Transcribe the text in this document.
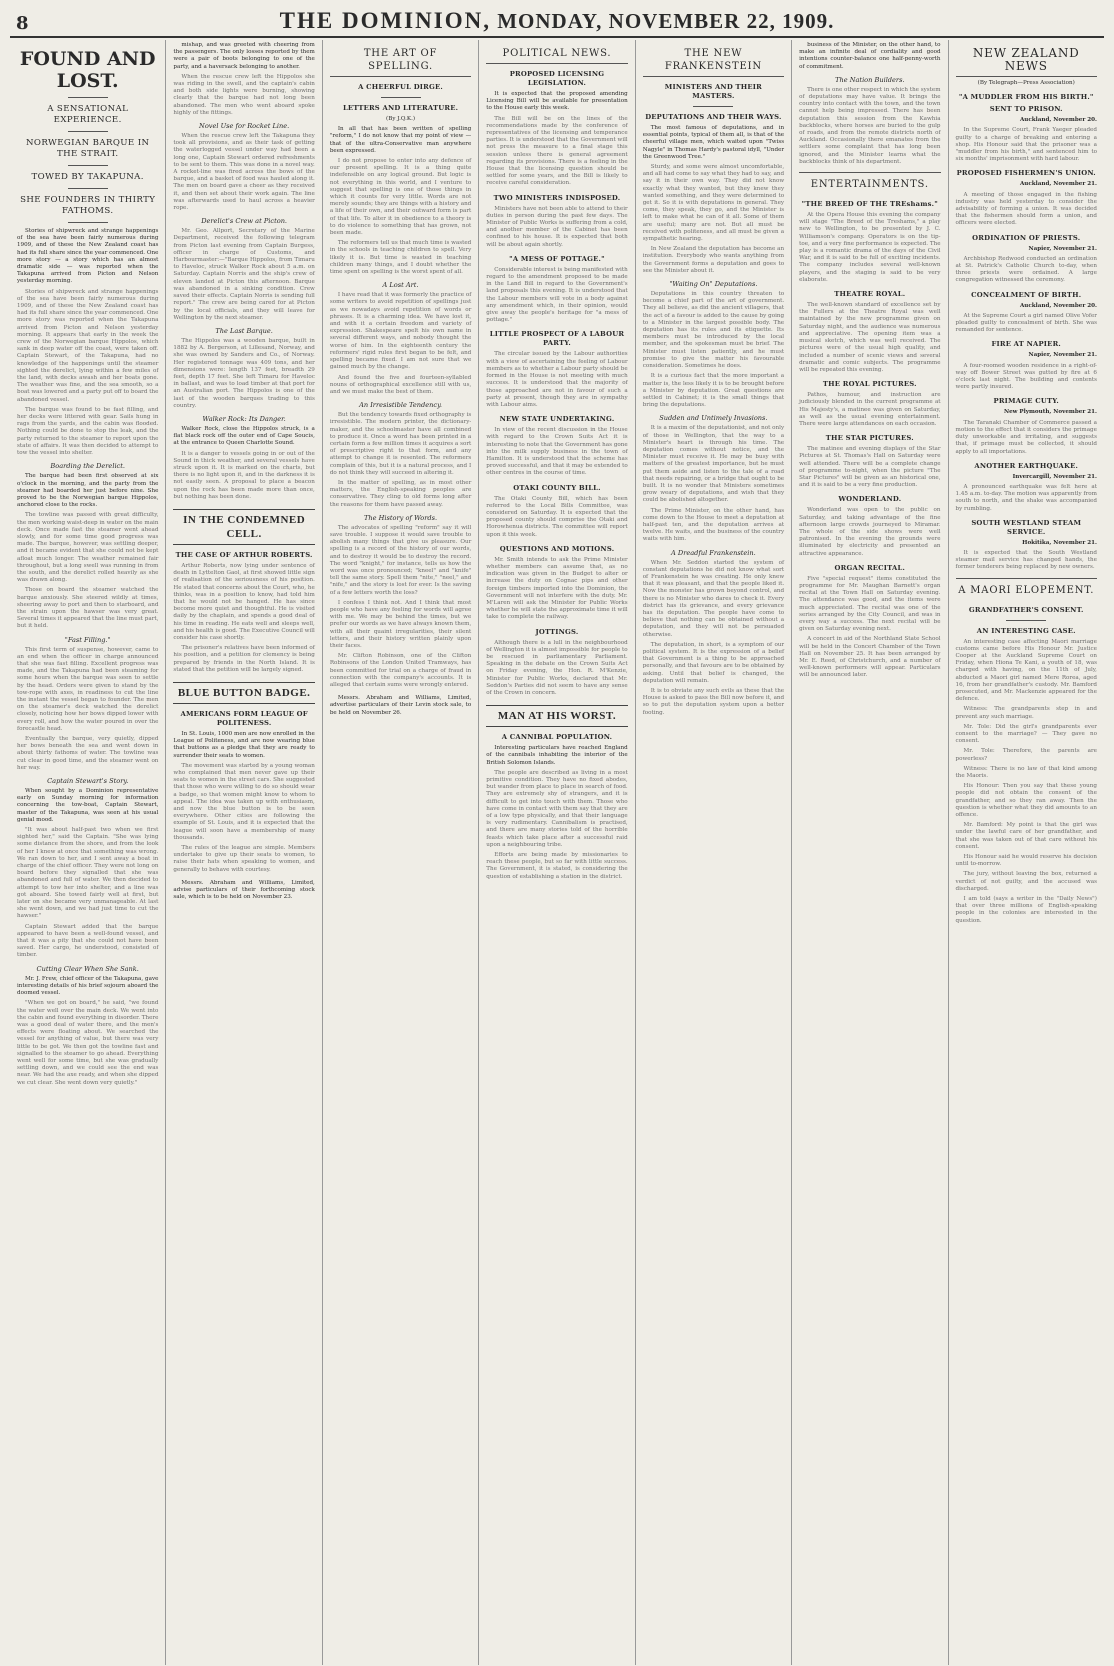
8	THE DOMINION, MONDAY, NOVEMBER 22, 1909.
FOUND AND LOST.
A SENSATIONAL EXPERIENCE.
NORWEGIAN BARQUE IN THE STRAIT.
TOWED BY TAKAPUNA.
SHE FOUNDERS IN THIRTY FATHOMS.

Stories of shipwreck and strange happenings of the sea have been fairly numerous during 1909, and of these the New Zealand coast has had its full share since the year commenced. One more story — a story which has an almost dramatic side — was reported when the Takapuna arrived from Picton and Nelson yesterday morning.

Stories of shipwreck and strange happenings of the sea have been fairly numerous during 1909, and of these the New Zealand coast has had its full share since the year commenced. One more story was reported when the Takapuna arrived from Picton and Nelson yesterday morning. It appears that early in the week the crew of the Norwegian barque Hippolos, which sank in deep water off the coast, were taken off. Captain Stewart, of the Takapuna, had no knowledge of the happenings until the steamer sighted the derelict, lying within a few miles of the land, with decks awash and her boats gone. The weather was fine, and the sea smooth, so a boat was lowered and a party put off to board the abandoned vessel.

The barque was found to be fast filling, and her decks were littered with gear. Sails hung in rags from the yards, and the cabin was flooded. Nothing could be done to stop the leak, and the party returned to the steamer to report upon the state of affairs. It was then decided to attempt to tow the vessel into shelter.

Boarding the Derelict.

The barque had been first observed at six o'clock in the morning, and the party from the steamer had boarded her just before nine. She proved to be the Norwegian barque Hippolos, anchored close to the rocks.

The towline was passed with great difficulty, the men working waist-deep in water on the main deck. Once made fast the steamer went ahead slowly, and for some time good progress was made. The barque, however, was settling deeper, and it became evident that she could not be kept afloat much longer. The weather remained fair throughout, but a long swell was running in from the south, and the derelict rolled heavily as she was drawn along.

Those on board the steamer watched the barque anxiously. She steered wildly at times, sheering away to port and then to starboard, and the strain upon the hawser was very great. Several times it appeared that the line must part, but it held.

"Fast Filling."

This first term of suspense, however, came to an end when the officer in charge announced that she was fast filling. Excellent progress was made, and the Takapuna had been steaming for some hours when the barque was seen to settle by the head. Orders were given to stand by the tow-rope with axes, in readiness to cut the line the instant the vessel began to founder. The men on the steamer's deck watched the derelict closely, noticing how her bows dipped lower with every roll, and how the water poured in over the forecastle head.

Eventually the barque, very quietly, dipped her bows beneath the sea and went down in about thirty fathoms of water. The towline was cut clear in good time, and the steamer went on her way.

Captain Stewart's Story.

When sought by a Dominion representative early on Sunday morning for information concerning the tow-boat, Captain Stewart, master of the Takapuna, was seen at his usual genial mood.

"It was about half-past two when we first sighted her," said the Captain. "She was lying some distance from the shore, and from the look of her I knew at once that something was wrong. We ran down to her, and I sent away a boat in charge of the chief officer. They were not long on board before they signalled that she was abandoned and full of water. We then decided to attempt to tow her into shelter, and a line was got aboard. She towed fairly well at first, but later on she became very unmanageable. At last she went down, and we had just time to cut the hawser."

Captain Stewart added that the barque appeared to have been a well-found vessel, and that it was a pity that she could not have been saved. Her cargo, he understood, consisted of timber.

Cutting Clear When She Sank.

Mr. J. Frew, chief officer of the Takapuna, gave interesting details of his brief sojourn aboard the doomed vessel.

"When we got on board," he said, "we found the water well over the main deck. We went into the cabin and found everything in disorder. There was a good deal of water there, and the men's effects were floating about. We searched the vessel for anything of value, but there was very little to be got. We then got the towline fast and signalled to the steamer to go ahead. Everything went well for some time, but she was gradually settling down, and we could see the end was near. We had the axe ready, and when she dipped we cut clear. She went down very quietly."

mishap, and was greeted with cheering from the passengers. The only losses reported by them were a pair of boots belonging to one of the party, and a haversack belonging to another.

When the rescue crew left the Hippolos she was riding in the swell, and the captain's cabin and both side lights were burning, showing clearly that the barque had not long been abandoned. The men who went aboard spoke highly of the fittings.

Novel Use for Rocket Line.

When the rescue crew left the Takapuna they took all provisions, and as their task of getting the waterlogged vessel under way had been a long one, Captain Stewart ordered refreshments to be sent to them. This was done in a novel way. A rocket-line was fired across the bows of the barque, and a basket of food was hauled along it. The men on board gave a cheer as they received it, and then set about their work again. The line was afterwards used to haul across a heavier rope.

Derelict's Crew at Picton.

Mr. Geo. Allport, Secretary of the Marine Department, received the following telegram from Picton last evening from Captain Burgess, officer in charge of Customs, and Harbourmaster:—"Barque Hippolos, from Timaru to Haveloc, struck Walker Rock about 5 a.m. on Saturday. Captain Norris and the ship's crew of eleven landed at Picton this afternoon. Barque was abandoned in a sinking condition. Crew saved their effects. Captain Norris is sending full report." The crew are being cared for at Picton by the local officials, and they will leave for Wellington by the next steamer.

The Last Barque.

The Hippolos was a wooden barque, built in 1882 by A. Bergerson, at Lillesand, Norway, and she was owned by Sanders and Co., of Norway. Her registered tonnage was 409 tons, and her dimensions were: length 137 feet, breadth 29 feet, depth 17 feet. She left Timaru for Haveloc in ballast, and was to load timber at that port for an Australian port. The Hippolos is one of the last of the wooden barques trading to this country.

Walker Rock: Its Danger.

Walker Rock, close the Hippolos struck, is a flat black rock off the outer end of Cape Soucis, at the entrance to Queen Charlotte Sound.

It is a danger to vessels going in or out of the Sound in thick weather, and several vessels have struck upon it. It is marked on the charts, but there is no light upon it, and in the darkness it is not easily seen. A proposal to place a beacon upon the rock has been made more than once, but nothing has been done.

IN THE CONDEMNED CELL.
THE CASE OF ARTHUR ROBERTS.

Arthur Roberts, now lying under sentence of death in Lyttelton Gaol, at first showed little sign of realisation of the seriousness of his position. He stated that concerns about the Court, who, he thinks, was in a position to know, had told him that he would not be hanged. He has since become more quiet and thoughtful. He is visited daily by the chaplain, and spends a good deal of his time in reading. He eats well and sleeps well, and his health is good. The Executive Council will consider his case shortly.

The prisoner's relatives have been informed of his position, and a petition for clemency is being prepared by friends in the North Island. It is stated that the petition will be largely signed.

BLUE BUTTON BADGE.
AMERICANS FORM LEAGUE OF POLITENESS.

In St. Louis, 1000 men are now enrolled in the League of Politeness, and are now wearing blue that buttons as a pledge that they are ready to surrender their seats to women.

The movement was started by a young woman who complained that men never gave up their seats to women in the street cars. She suggested that those who were willing to do so should wear a badge, so that women might know to whom to appeal. The idea was taken up with enthusiasm, and now the blue button is to be seen everywhere. Other cities are following the example of St. Louis, and it is expected that the league will soon have a membership of many thousands.

The rules of the league are simple. Members undertake to give up their seats to women, to raise their hats when speaking to women, and generally to behave with courtesy.

Messrs. Abraham and Williams, Limited, advise particulars of their forthcoming stock sale, which is to be held on November 23.

THE ART OF SPELLING.
A CHEERFUL DIRGE.
LETTERS AND LITERATURE.
(By J.Q.K.)

In all that has been written of spelling "reform," I do not know that my point of view — that of the ultra-Conservative man anywhere been expressed.

I do not propose to enter into any defence of our present spelling. It is a thing quite indefensible on any logical ground. But logic is not everything in this world, and I venture to suggest that spelling is one of those things in which it counts for very little. Words are not merely sounds; they are things with a history and a life of their own, and their outward form is part of that life. To alter it in obedience to a theory is to do violence to something that has grown, not been made.

The reformers tell us that much time is wasted in the schools in teaching children to spell. Very likely it is. But time is wasted in teaching children many things, and I doubt whether the time spent on spelling is the worst spent of all.

A Lost Art.

I have read that it was formerly the practice of some writers to avoid repetition of spellings just as we nowadays avoid repetition of words or phrases. It is a charming idea. We have lost it, and with it a certain freedom and variety of expression. Shakespeare spelt his own name in several different ways, and nobody thought the worse of him. In the eighteenth century the reformers' rigid rules first began to be felt, and spelling became fixed. I am not sure that we gained much by the change.

And found the five and fourteen-syllabled nouns of orthographical excellence still with us, and we must make the best of them.

An Irresistible Tendency.

But the tendency towards fixed orthography is irresistible. The modern printer, the dictionary-maker, and the schoolmaster have all combined to produce it. Once a word has been printed in a certain form a few million times it acquires a sort of prescriptive right to that form, and any attempt to change it is resented. The reformers complain of this, but it is a natural process, and I do not think they will succeed in altering it.

In the matter of spelling, as in most other matters, the English-speaking peoples are conservative. They cling to old forms long after the reasons for them have passed away.

The History of Words.

The advocates of spelling "reform" say it will save trouble. I suppose it would save trouble to abolish many things that give us pleasure. Our spelling is a record of the history of our words, and to destroy it would be to destroy the record. The word "knight," for instance, tells us how the word was once pronounced; "kneel" and "knife" tell the same story. Spell them "nite," "neel," and "nife," and the story is lost for ever. Is the saving of a few letters worth the loss?

I confess I think not. And I think that most people who have any feeling for words will agree with me. We may be behind the times, but we prefer our words as we have always known them, with all their quaint irregularities, their silent letters, and their history written plainly upon their faces.

Mr. Clifton Robinson, one of the Clifton Robinsons of the London United Tramways, has been committed for trial on a charge of fraud in connection with the company's accounts. It is alleged that certain sums were wrongly entered.

Messrs. Abraham and Williams, Limited, advertise particulars of their Levin stock sale, to be held on November 26.

POLITICAL NEWS.
PROPOSED LICENSING LEGISLATION.

It is expected that the proposed amending Licensing Bill will be available for presentation to the House early this week.

The Bill will be on the lines of the recommendations made by the conference of representatives of the licensing and temperance parties. It is understood that the Government will not press the measure to a final stage this session unless there is general agreement regarding its provisions. There is a feeling in the House that the licensing question should be settled for some years, and the Bill is likely to receive careful consideration.

TWO MINISTERS INDISPOSED.

Ministers have not been able to attend to their duties in person during the past few days. The Minister of Public Works is suffering from a cold, and another member of the Cabinet has been confined to his house. It is expected that both will be about again shortly.

"A MESS OF POTTAGE."

Considerable interest is being manifested with regard to the amendment proposed to be made in the Land Bill in regard to the Government's land proposals this evening. It is understood that the Labour members will vote in a body against any amendment which, in their opinion, would give away the people's heritage for "a mess of pottage."

LITTLE PROSPECT OF A LABOUR PARTY.

The circular issued by the Labour authorities with a view of ascertaining the feeling of Labour members as to whether a Labour party should be formed in the House is not meeting with much success. It is understood that the majority of those approached are not in favour of such a party at present, though they are in sympathy with Labour aims.

NEW STATE UNDERTAKING.

In view of the recent discussion in the House with regard to the Crown Suits Act it is interesting to note that the Government has gone into the milk supply business in the town of Hamilton. It is understood that the scheme has proved successful, and that it may be extended to other centres in the course of time.

OTAKI COUNTY BILL.

The Otaki County Bill, which has been referred to the Local Bills Committee, was considered on Saturday. It is expected that the proposed county should comprise the Otaki and Horowhenua districts. The committee will report upon it this week.

QUESTIONS AND MOTIONS.

Mr. Smith intends to ask the Prime Minister whether members can assume that, as no indication was given in the Budget to alter or increase the duty on Cognac pips and other foreign timbers imported into the Dominion, the Government will not interfere with the duty. Mr. M'Laren will ask the Minister for Public Works whether he will state the approximate time it will take to complete the railway.

JOTTINGS.

Although there is a lull in the neighbourhood of Wellington it is almost impossible for people to be rescued in parliamentary Parliament. Speaking in the debate on the Crown Suits Act on Friday evening, the Hon. R. M'Kenzie, Minister for Public Works, declared that Mr. Seddon's Parties did not seem to have any sense of the Crown in concern.

MAN AT HIS WORST.
A CANNIBAL POPULATION.

Interesting particulars have reached England of the cannibals inhabiting the interior of the British Solomon Islands.

The people are described as living in a most primitive condition. They have no fixed abodes, but wander from place to place in search of food. They are extremely shy of strangers, and it is difficult to get into touch with them. Those who have come in contact with them say that they are of a low type physically, and that their language is very rudimentary. Cannibalism is practised, and there are many stories told of the horrible feasts which take place after a successful raid upon a neighbouring tribe.

Efforts are being made by missionaries to reach these people, but so far with little success. The Government, it is stated, is considering the question of establishing a station in the district.

THE NEW FRANKENSTEIN
MINISTERS AND THEIR MASTERS.
DEPUTATIONS AND THEIR WAYS.

The most famous of deputations, and in essential points, typical of them all, is that of the cheerful village men, which waited upon "Twiss Nagyle" in Thomas Hardy's pastoral idyll, "Under the Greenwood Tree."

Sturdy, and some were almost uncomfortable, and all had come to say what they had to say, and say it in their own way. They did not know exactly what they wanted, but they knew they wanted something, and they were determined to get it. So it is with deputations in general. They come, they speak, they go, and the Minister is left to make what he can of it all. Some of them are useful; many are not. But all must be received with politeness, and all must be given a sympathetic hearing.

In New Zealand the deputation has become an institution. Everybody who wants anything from the Government forms a deputation and goes to see the Minister about it.

"Waiting On" Deputations.

Deputations in this country threaten to become a chief part of the art of government. They all believe, as did the ancient villagers, that the act of a favour is added to the cause by going to a Minister in the largest possible body. The deputation has its rules and its etiquette. Its members must be introduced by the local member, and the spokesman must be brief. The Minister must listen patiently, and he must promise to give the matter his favourable consideration. Sometimes he does.

It is a curious fact that the more important a matter is, the less likely it is to be brought before a Minister by deputation. Great questions are settled in Cabinet; it is the small things that bring the deputations.

Sudden and Untimely Invasions.

It is a maxim of the deputationist, and not only of those in Wellington, that the way to a Minister's heart is through his time. The deputation comes without notice, and the Minister must receive it. He may be busy with matters of the greatest importance, but he must put them aside and listen to the tale of a road that needs repairing, or a bridge that ought to be built. It is no wonder that Ministers sometimes grow weary of deputations, and wish that they could be abolished altogether.

The Prime Minister, on the other hand, has come down to the House to meet a deputation at half-past ten, and the deputation arrives at twelve. He waits, and the business of the country waits with him.

A Dreadful Frankenstein.

When Mr. Seddon started the system of constant deputations he did not know what sort of Frankenstein he was creating. He only knew that it was pleasant, and that the people liked it. Now the monster has grown beyond control, and there is no Minister who dares to check it. Every district has its grievance, and every grievance has its deputation. The people have come to believe that nothing can be obtained without a deputation, and they will not be persuaded otherwise.

The deputation, in short, is a symptom of our political system. It is the expression of a belief that Government is a thing to be approached personally, and that favours are to be obtained by asking. Until that belief is changed, the deputation will remain.

It is to obviate any such evils as these that the House is asked to pass the Bill now before it, and so to put the deputation system upon a better footing.

business of the Minister, on the other hand, to make an infinite deal of cordiality and good intentions counter-balance one half-penny-worth of commitment.

The Nation Builders.

There is one other respect in which the system of deputations may have value. It brings the country into contact with the town, and the town cannot help being impressed. There has been deputation this session from the Kawhia backblocks, where horses are buried to the gulp of roads, and from the remote districts north of Auckland. Occasionally there emanates from the settlers some complaint that has long been ignored, and the Minister learns what the backblocks think of his department.

ENTERTAINMENTS.
"THE BREED OF THE TREshams."

At the Opera House this evening the company will stage "The Breed of the Treshams," a play new to Wellington, to be presented by J. C. Williamson's company. Operators is on the tip-toe, and a very fine performance is expected. The play is a romantic drama of the days of the Civil War, and it is said to be full of exciting incidents. The company includes several well-known players, and the staging is said to be very elaborate.

THEATRE ROYAL.

The well-known standard of excellence set by the Fullers at the Theatre Royal was well maintained by the new programme given on Saturday night, and the audience was numerous and appreciative. The opening item was a musical sketch, which was well received. The pictures were of the usual high quality, and included a number of scenic views and several dramatic and comic subjects. The programme will be repeated this evening.

THE ROYAL PICTURES.

Pathos, humour, and instruction are judiciously blended in the current programme at His Majesty's, a matinee was given on Saturday, as well as the usual evening entertainment. There were large attendances on each occasion.

THE STAR PICTURES.

The matinee and evening displays of the Star Pictures at St. Thomas's Hall on Saturday were well attended. There will be a complete change of programme to-night, when the picture "The Star Pictures" will be given as an historical one, and it is said to be a very fine production.

WONDERLAND.

Wonderland was open to the public on Saturday, and taking advantage of the fine afternoon large crowds journeyed to Miramar. The whole of the side shows were well patronised. In the evening the grounds were illuminated by electricity and presented an attractive appearance.

ORGAN RECITAL.

Five "special request" items constituted the programme for Mr. Maughan Barnett's organ recital at the Town Hall on Saturday evening. The attendance was good, and the items were much appreciated. The recital was one of the series arranged by the City Council, and was in every way a success. The next recital will be given on Saturday evening next.

A concert in aid of the Northland State School will be held in the Concert Chamber of the Town Hall on November 25. It has been arranged by Mr. E. Reed, of Christchurch, and a number of well-known performers will appear. Particulars will be announced later.

NEW ZEALAND NEWS
(By Telegraph—Press Association)
"A MUDDLER FROM HIS BIRTH."
SENT TO PRISON.

Auckland, November 20.

In the Supreme Court, Frank Yaeger pleaded guilty to a charge of breaking and entering a shop. His Honour said that the prisoner was a "muddler from his birth," and sentenced him to six months' imprisonment with hard labour.

PROPOSED FISHERMEN'S UNION.

Auckland, November 21.

A meeting of those engaged in the fishing industry was held yesterday to consider the advisability of forming a union. It was decided that the fishermen should form a union, and officers were elected.

ORDINATION OF PRIESTS.

Napier, November 21.

Archbishop Redwood conducted an ordination at St. Patrick's Catholic Church to-day, when three priests were ordained. A large congregation witnessed the ceremony.

CONCEALMENT OF BIRTH.

Auckland, November 20.

At the Supreme Court a girl named Olive Vofer pleaded guilty to concealment of birth. She was remanded for sentence.

FIRE AT NAPIER.

Napier, November 21.

A four-roomed wooden residence in a right-of-way off Bower Street was gutted by fire at 6 o'clock last night. The building and contents were partly insured.

PRIMAGE CUTY.

New Plymouth, November 21.

The Taranaki Chamber of Commerce passed a motion to the effect that it considers the primage duty unworkable and irritating, and suggests that, if primage must be collected, it should apply to all importations.

ANOTHER EARTHQUAKE.

Invercargill, November 21.

A pronounced earthquake was felt here at 1.45 a.m. to-day. The motion was apparently from south to north, and the shake was accompanied by rumbling.

SOUTH WESTLAND STEAM SERVICE.

Hokitika, November 21.

It is expected that the South Westland steamer mail service has changed hands, the former tenderers being replaced by new owners.

A MAORI ELOPEMENT.
GRANDFATHER'S CONSENT.
AN INTERESTING CASE.

An interesting case affecting Maori marriage customs came before His Honour Mr. Justice Cooper at the Auckland Supreme Court on Friday, when Hiona Te Kani, a youth of 18, was charged with having, on the 11th of July, abducted a Maori girl named Mere Rorea, aged 16, from her grandfather's custody. Mr. Bamford prosecuted, and Mr. Mackenzie appeared for the defence.

Witness: The grandparents step in and prevent any such marriage.

Mr. Tole: Did the girl's grandparents ever consent to the marriage? — They gave no consent.

Mr. Tole: Therefore, the parents are powerless?

Witness: There is no law of that kind among the Maoris.

His Honour: Then you say that these young people did not obtain the consent of the grandfather, and so they ran away. Then the question is whether what they did amounts to an offence.

Mr. Bamford: My point is that the girl was under the lawful care of her grandfather, and that she was taken out of that care without his consent.

His Honour said he would reserve his decision until to-morrow.

The jury, without leaving the box, returned a verdict of not guilty, and the accused was discharged.

I am told (says a writer in the "Daily News") that over three millions of English-speaking people in the colonies are interested in the question.
